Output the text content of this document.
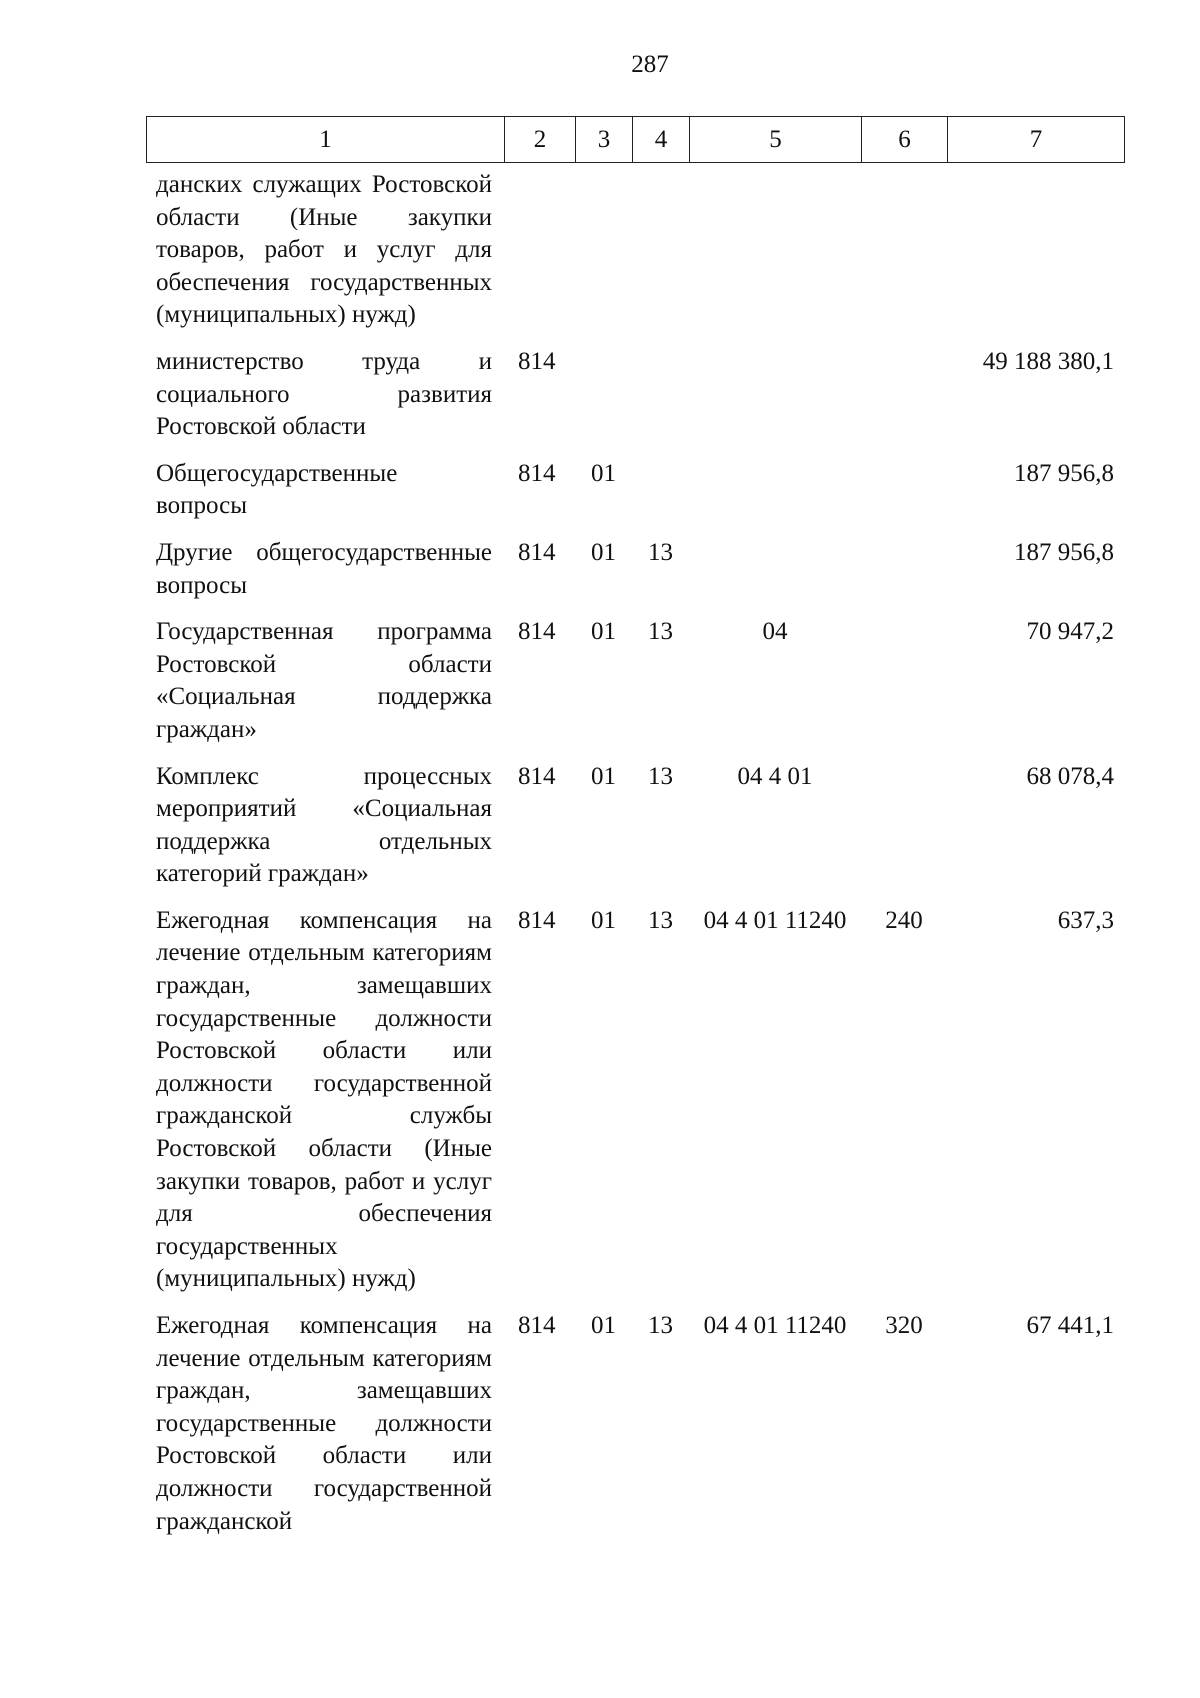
287
1	2	3	4	5	6	7
данских служащих Ростовской области (Иные закупки товаров, работ и услуг для обеспечения государственных (муниципальных) нужд)						
министерство труда и социального развития Ростовской области	814					49 188 380,1
Общегосударственные вопросы	814	01				187 956,8
Другие общегосударственные вопросы	814	01	13			187 956,8
Государственная программа Ростовской области «Социальная поддержка граждан»	814	01	13	04		70 947,2
Комплекс процессных мероприятий «Социальная поддержка отдельных категорий граждан»	814	01	13	04 4 01		68 078,4
Ежегодная компенсация на лечение отдельным категориям граждан, замещавших государственные должности Ростовской области или должности государственной гражданской службы Ростовской области (Иные закупки товаров, работ и услуг для обеспечения государственных (муниципальных) нужд)	814	01	13	04 4 01 11240	240	637,3
Ежегодная компенсация на лечение отдельным категориям граждан, замещавших государственные должности Ростовской области или должности государственной гражданской	814	01	13	04 4 01 11240	320	67 441,1
